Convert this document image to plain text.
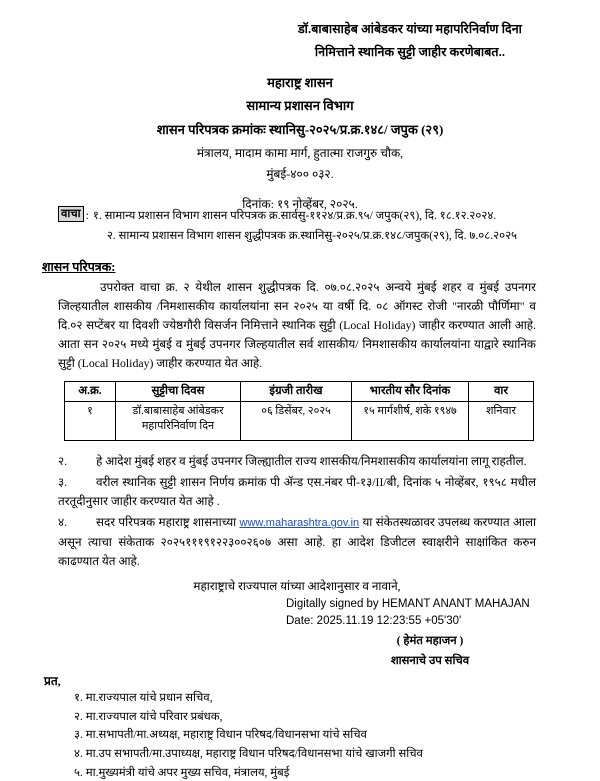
डॉ.बाबासाहेब आंबेडकर यांच्या महापरिनिर्वाण दिना
निमित्ताने स्थानिक सुट्टी जाहीर करणेबाबत..
महाराष्ट्र शासन
सामान्य प्रशासन विभाग
शासन परिपत्रक क्रमांकः स्थानिसु-२०२५/प्र.क्र.१४८/ जपुक (२९)
मंत्रालय, मादाम कामा मार्ग, हुतात्मा राजगुरु चौक,
मुंबई-४०० ०३२.
दिनांक: १९ नोव्हेंबर, २०२५.
वाचा : १. सामान्य प्रशासन विभाग शासन परिपत्रक क्र.सार्वसु-११२४/प्र.क्र.९५/ जपुक(२९), दि. १८.१२.२०२४.
२. सामान्य प्रशासन विभाग शासन शुद्धीपत्रक क्र.स्थानिसु-२०२५/प्र.क्र.१४८/जपुक(२९), दि. ७.०८.२०२५
शासन परिपत्रक:

उपरोक्त वाचा क्र. २ येथील शासन शुद्धीपत्रक दि. ०७.०८.२०२५ अन्वये मुंबई शहर व मुंबई उपनगर जिल्हयातील शासकीय /निमशासकीय कार्यालयांना सन २०२५ या वर्षी दि. ०८ ऑगस्ट रोजी "नारळी पौर्णिमा" व दि.०२ सप्टेंबर या दिवशी ज्येष्ठगौरी विसर्जन निमित्ताने स्थानिक सुट्टी (Local Holiday) जाहीर करण्यात आली आहे. आता सन २०२५ मध्ये मुंबई व मुंबई उपनगर जिल्हयातील सर्व शासकीय/ निमशासकीय कार्यालयांना याद्वारे स्थानिक सुट्टी (Local Holiday) जाहीर करण्यात येत आहे.

अ.क्र.	सुट्टीचा दिवस	इंग्रजी तारीख	भारतीय सौर दिनांक	वार
१	डॉ.बाबासाहेब आंबेडकर महापरिनिर्वाण दिन	०६ डिसेंबर, २०२५	१५ मार्गशीर्ष, शके १९४७	शनिवार
२. हे आदेश मुंबई शहर व मुंबई उपनगर जिल्ह्यातील राज्य शासकीय/निमशासकीय कार्यालयांना लागू राहतील.
३. वरील स्थानिक सुट्टी शासन निर्णय क्रमांक पी ॲन्ड एस.नंबर पी-१३/II/बी, दिनांक ५ नोव्हेंबर, १९५८ मधील तरतूदीनुसार जाहीर करण्यात येत आहे .
४. सदर परिपत्रक महाराष्ट्र शासनाच्या www.maharashtra.gov.in या संकेतस्थळावर उपलब्ध करण्यात आला असून त्याचा संकेताक २०२५१११९१२२३००२६०७ असा आहे. हा आदेश डिजीटल स्वाक्षरीने साक्षांकित करुन काढण्यात येत आहे.
महाराष्ट्राचे राज्यपाल यांच्या आदेशानुसार व नावाने,
Digitally signed by HEMANT ANANT MAHAJAN
Date: 2025.11.19 12:23:55 +05'30'
( हेमंत महाजन )
शासनाचे उप सचिव
प्रत,
१. मा.राज्यपाल यांचे प्रधान सचिव,
२. मा.राज्यपाल यांचे परिवार प्रबंधक,
३. मा.सभापती/मा.अध्यक्ष, महाराष्ट्र विधान परिषद/विधानसभा यांचे सचिव
४. मा.उप सभापती/मा.उपाध्यक्ष, महाराष्ट्र विधान परिषद/विधानसभा यांचे खाजगी सचिव
५. मा.मुख्यमंत्री यांचे अपर मुख्य सचिव, मंत्रालय, मुंबई
